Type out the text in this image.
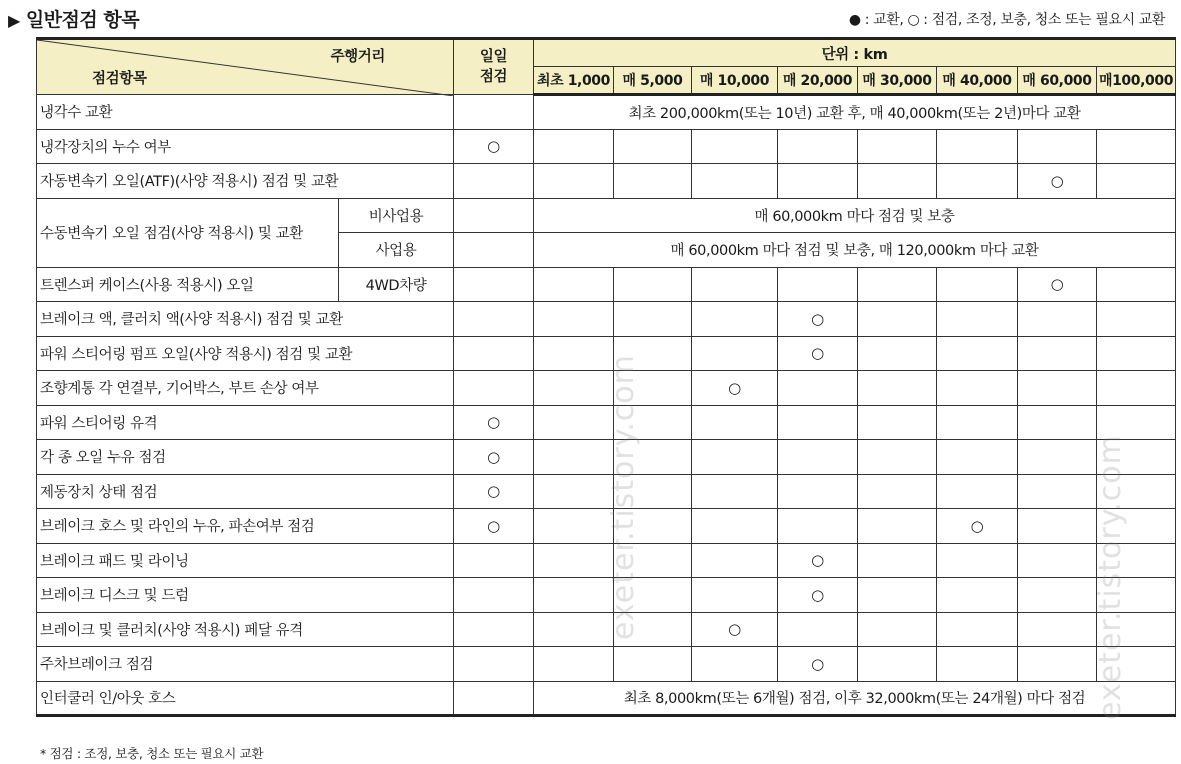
▶ 일반점검 항목	● : 교환, ○ : 점검, 조정, 보충, 청소 또는 필요시 교환
주행거리
점검항목		일일
점검	단위 : km							
			최초 1,000	매 5,000	매 10,000	매 20,000	매 30,000	매 40,000	매 60,000	매100,000
냉각수 교환			최초 200,000km(또는 10년) 교환 후, 매 40,000km(또는 2년)마다 교환							
냉각장치의 누수 여부		○								
자동변속기 오일(ATF)(사양 적용시) 점검 및 교환									○	
수동변속기 오일 점검(사양 적용시) 및 교환	비사업용		매 60,000km 마다 점검 및 보충							
	사업용		매 60,000km 마다 점검 및 보충, 매 120,000km 마다 교환							
트렌스퍼 케이스(사용 적용시) 오일	4WD차량								○	
브레이크 액, 클러치 액(사양 적용시) 점검 및 교환						○				
파워 스티어링 펌프 오일(사양 적용시) 점검 및 교환						○				
조향계통 각 연결부, 기어박스, 부트 손상 여부					○					
파워 스티어링 유격		○								
각 종 오일 누유 점검		○								
제동장치 상태 점검		○								
브레이크 호스 및 라인의 누유, 파손여부 점검		○						○		
브레이크 패드 및 라이닝						○				
브레이크 디스크 및 드럼						○				
브레이크 및 클러치(사양 적용시) 페달 유격					○					
주차브레이크 점검						○				
인터쿨러 인/아웃 호스			최초 8,000km(또는 6개월) 점검, 이후 32,000km(또는 24개월) 마다 점검							
exeter.tistory.com	exeter.tistory.com
* 점검 : 조정, 보충, 청소 또는 필요시 교환
